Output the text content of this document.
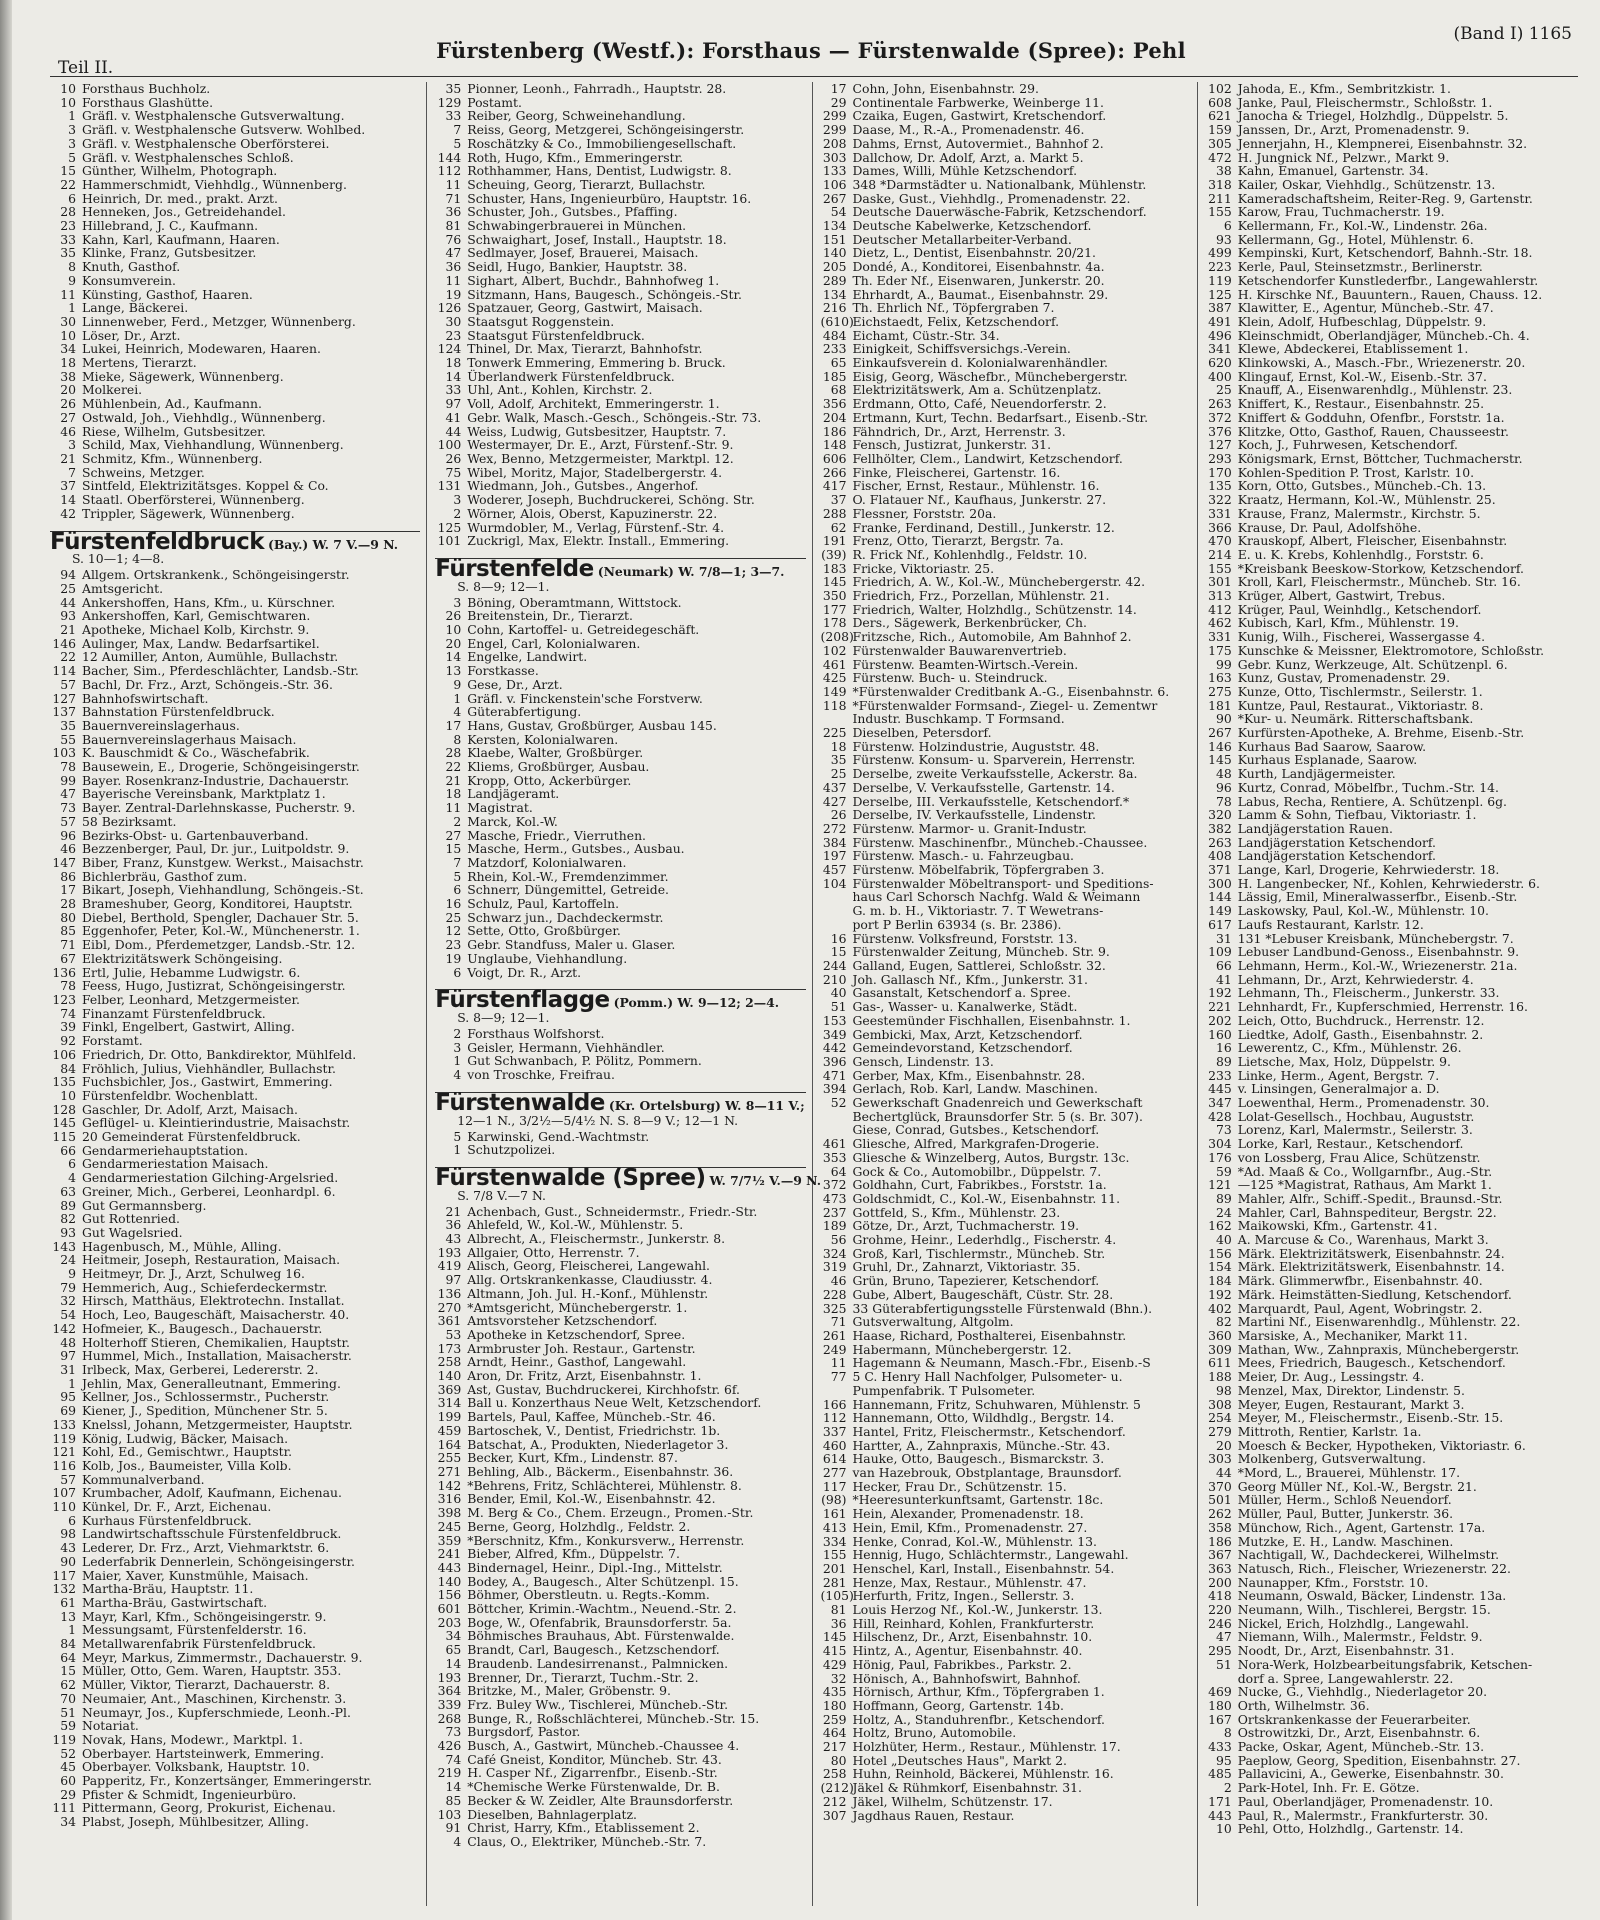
Teil II.
Fürstenberg (Westf.): Forsthaus — Fürstenwalde (Spree): Pehl
(Band I) 1165
10 Forsthaus Buchholz.
10 Forsthaus Glashütte.
1 Gräfl. v. Westphalensche Gutsverwaltung.
3 Gräfl. v. Westphalensche Gutsverw. Wohlbed.
3 Gräfl. v. Westphalensche Oberförsterei.
5 Gräfl. v. Westphalensches Schloß.
15 Günther, Wilhelm, Photograph.
22 Hammerschmidt, Viehhdlg., Wünnenberg.
6 Heinrich, Dr. med., prakt. Arzt.
28 Henneken, Jos., Getreidehandel.
23 Hillebrand, J. C., Kaufmann.
33 Kahn, Karl, Kaufmann, Haaren.
35 Klinke, Franz, Gutsbesitzer.
8 Knuth, Gasthof.
9 Konsumverein.
11 Künsting, Gasthof, Haaren.
1 Lange, Bäckerei.
30 Linnenweber, Ferd., Metzger, Wünnenberg.
10 Löser, Dr., Arzt.
34 Lukei, Heinrich, Modewaren, Haaren.
18 Mertens, Tierarzt.
38 Mieke, Sägewerk, Wünnenberg.
20 Molkerei.
26 Mühlenbein, Ad., Kaufmann.
27 Ostwald, Joh., Viehhdlg., Wünnenberg.
46 Riese, Wilhelm, Gutsbesitzer.
3 Schild, Max, Viehhandlung, Wünnenberg.
21 Schmitz, Kfm., Wünnenberg.
7 Schweins, Metzger.
37 Sintfeld, Elektrizitätsges. Koppel & Co.
14 Staatl. Oberförsterei, Wünnenberg.
42 Trippler, Sägewerk, Wünnenberg.
Fürstenfeldbruck (Bay.) W. 7 V.—9 N.
S. 10—1; 4—8.
94 Allgem. Ortskrankenk., Schöngeisingerstr.
25 Amtsgericht.
44 Ankershoffen, Hans, Kfm., u. Kürschner.
93 Ankershoffen, Karl, Gemischtwaren.
21 Apotheke, Michael Kolb, Kirchstr. 9.
146 Aulinger, Max, Landw. Bedarfsartikel.
22 12 Aumiller, Anton, Aumühle, Bullachstr.
114 Bacher, Sim., Pferdeschlächter, Landsb.-Str.
57 Bachl, Dr. Frz., Arzt, Schöngeis.-Str. 36.
127 Bahnhofswirtschaft.
137 Bahnstation Fürstenfeldbruck.
35 Bauernvereinslagerhaus.
55 Bauernvereinslagerhaus Maisach.
103 K. Bauschmidt & Co., Wäschefabrik.
78 Bausewein, E., Drogerie, Schöngeisingerstr.
99 Bayer. Rosenkranz-Industrie, Dachauerstr.
47 Bayerische Vereinsbank, Marktplatz 1.
73 Bayer. Zentral-Darlehnskasse, Pucherstr. 9.
57 58 Bezirksamt.
96 Bezirks-Obst- u. Gartenbauverband.
46 Bezzenberger, Paul, Dr. jur., Luitpoldstr. 9.
147 Biber, Franz, Kunstgew. Werkst., Maisachstr.
86 Bichlerbräu, Gasthof zum.
17 Bikart, Joseph, Viehhandlung, Schöngeis.-St.
28 Brameshuber, Georg, Konditorei, Hauptstr.
80 Diebel, Berthold, Spengler, Dachauer Str. 5.
85 Eggenhofer, Peter, Kol.-W., Münchenerstr. 1.
71 Eibl, Dom., Pferdemetzger, Landsb.-Str. 12.
67 Elektrizitätswerk Schöngeising.
136 Ertl, Julie, Hebamme Ludwigstr. 6.
78 Feess, Hugo, Justizrat, Schöngeisingerstr.
123 Felber, Leonhard, Metzgermeister.
74 Finanzamt Fürstenfeldbruck.
39 Finkl, Engelbert, Gastwirt, Alling.
92 Forstamt.
106 Friedrich, Dr. Otto, Bankdirektor, Mühlfeld.
84 Fröhlich, Julius, Viehhändler, Bullachstr.
135 Fuchsbichler, Jos., Gastwirt, Emmering.
10 Fürstenfeldbr. Wochenblatt.
128 Gaschler, Dr. Adolf, Arzt, Maisach.
145 Geflügel- u. Kleintierindustrie, Maisachstr.
115 20 Gemeinderat Fürstenfeldbruck.
66 Gendarmeriehauptstation.
6 Gendarmeriestation Maisach.
4 Gendarmeriestation Gilching-Argelsried.
63 Greiner, Mich., Gerberei, Leonhardpl. 6.
89 Gut Germannsberg.
82 Gut Rottenried.
93 Gut Wagelsried.
143 Hagenbusch, M., Mühle, Alling.
24 Heitmeir, Joseph, Restauration, Maisach.
9 Heitmeyr, Dr. J., Arzt, Schulweg 16.
79 Hemmerich, Aug., Schieferdeckermstr.
32 Hirsch, Matthäus, Elektrotechn. Installat.
54 Hoch, Leo, Baugeschäft, Maisacherstr. 40.
142 Hofmeier, K., Baugesch., Dachauerstr.
48 Holterhoff Stieren, Chemikalien, Hauptstr.
97 Hummel, Mich., Installation, Maisacherstr.
31 Irlbeck, Max, Gerberei, Ledererstr. 2.
1 Jehlin, Max, Generalleutnant, Emmering.
95 Kellner, Jos., Schlossermstr., Pucherstr.
69 Kiener, J., Spedition, Münchener Str. 5.
133 Knelssl, Johann, Metzgermeister, Hauptstr.
119 König, Ludwig, Bäcker, Maisach.
121 Kohl, Ed., Gemischtwr., Hauptstr.
116 Kolb, Jos., Baumeister, Villa Kolb.
57 Kommunalverband.
107 Krumbacher, Adolf, Kaufmann, Eichenau.
110 Künkel, Dr. F., Arzt, Eichenau.
6 Kurhaus Fürstenfeldbruck.
98 Landwirtschaftsschule Fürstenfeldbruck.
43 Lederer, Dr. Frz., Arzt, Viehmarktstr. 6.
90 Lederfabrik Dennerlein, Schöngeisingerstr.
117 Maier, Xaver, Kunstmühle, Maisach.
132 Martha-Bräu, Hauptstr. 11.
61 Martha-Bräu, Gastwirtschaft.
13 Mayr, Karl, Kfm., Schöngeisingerstr. 9.
1 Messungsamt, Fürstenfelderstr. 16.
84 Metallwarenfabrik Fürstenfeldbruck.
64 Meyr, Markus, Zimmermstr., Dachauerstr. 9.
15 Müller, Otto, Gem. Waren, Hauptstr. 353.
62 Müller, Viktor, Tierarzt, Dachauerstr. 8.
70 Neumaier, Ant., Maschinen, Kirchenstr. 3.
51 Neumayr, Jos., Kupferschmiede, Leonh.-Pl.
59 Notariat.
119 Novak, Hans, Modewr., Marktpl. 1.
52 Oberbayer. Hartsteinwerk, Emmering.
45 Oberbayer. Volksbank, Hauptstr. 10.
60 Papperitz, Fr., Konzertsänger, Emmeringerstr.
29 Pfister & Schmidt, Ingenieurbüro.
111 Pittermann, Georg, Prokurist, Eichenau.
34 Plabst, Joseph, Mühlbesitzer, Alling.
35 Pionner, Leonh., Fahrradh., Hauptstr. 28.
129 Postamt.
33 Reiber, Georg, Schweinehandlung.
7 Reiss, Georg, Metzgerei, Schöngeisingerstr.
5 Roschätzky & Co., Immobiliengesellschaft.
144 Roth, Hugo, Kfm., Emmeringerstr.
112 Rothhammer, Hans, Dentist, Ludwigstr. 8.
11 Scheuing, Georg, Tierarzt, Bullachstr.
71 Schuster, Hans, Ingenieurbüro, Hauptstr. 16.
36 Schuster, Joh., Gutsbes., Pfaffing.
81 Schwabingerbrauerei in München.
76 Schwaighart, Josef, Install., Hauptstr. 18.
47 Sedlmayer, Josef, Brauerei, Maisach.
36 Seidl, Hugo, Bankier, Hauptstr. 38.
11 Sighart, Albert, Buchdr., Bahnhofweg 1.
19 Sitzmann, Hans, Baugesch., Schöngeis.-Str.
126 Spatzauer, Georg, Gastwirt, Maisach.
30 Staatsgut Roggenstein.
23 Staatsgut Fürstenfeldbruck.
124 Thinel, Dr. Max, Tierarzt, Bahnhofstr.
18 Tonwerk Emmering, Emmering b. Bruck.
14 Überlandwerk Fürstenfeldbruck.
33 Uhl, Ant., Kohlen, Kirchstr. 2.
97 Voll, Adolf, Architekt, Emmeringerstr. 1.
41 Gebr. Walk, Masch.-Gesch., Schöngeis.-Str. 73.
44 Weiss, Ludwig, Gutsbesitzer, Hauptstr. 7.
100 Westermayer, Dr. E., Arzt, Fürstenf.-Str. 9.
26 Wex, Benno, Metzgermeister, Marktpl. 12.
75 Wibel, Moritz, Major, Stadelbergerstr. 4.
131 Wiedmann, Joh., Gutsbes., Angerhof.
3 Woderer, Joseph, Buchdruckerei, Schöng. Str.
2 Wörner, Alois, Oberst, Kapuzinerstr. 22.
125 Wurmdobler, M., Verlag, Fürstenf.-Str. 4.
101 Zuckrigl, Max, Elektr. Install., Emmering.
Fürstenfelde (Neumark) W. 7/8—1; 3—7.
S. 8—9; 12—1.
3 Böning, Oberamtmann, Wittstock.
26 Breitenstein, Dr., Tierarzt.
10 Cohn, Kartoffel- u. Getreidegeschäft.
20 Engel, Carl, Kolonialwaren.
14 Engelke, Landwirt.
13 Forstkasse.
9 Gese, Dr., Arzt.
1 Gräfl. v. Finckenstein'sche Forstverw.
4 Güterabfertigung.
17 Hans, Gustav, Großbürger, Ausbau 145.
8 Kersten, Kolonialwaren.
28 Klaebe, Walter, Großbürger.
22 Kliems, Großbürger, Ausbau.
21 Kropp, Otto, Ackerbürger.
18 Landjägeramt.
11 Magistrat.
2 Marck, Kol.-W.
27 Masche, Friedr., Vierruthen.
15 Masche, Herm., Gutsbes., Ausbau.
7 Matzdorf, Kolonialwaren.
5 Rhein, Kol.-W., Fremdenzimmer.
6 Schnerr, Düngemittel, Getreide.
16 Schulz, Paul, Kartoffeln.
25 Schwarz jun., Dachdeckermstr.
12 Sette, Otto, Großbürger.
23 Gebr. Standfuss, Maler u. Glaser.
19 Unglaube, Viehhandlung.
6 Voigt, Dr. R., Arzt.
Fürstenflagge (Pomm.) W. 9—12; 2—4.
S. 8—9; 12—1.
2 Forsthaus Wolfshorst.
3 Geisler, Hermann, Viehhändler.
1 Gut Schwanbach, P. Pölitz, Pommern.
4 von Troschke, Freifrau.
Fürstenwalde (Kr. Ortelsburg) W. 8—11 V.;
12—1 N., 3/2½—5/4½ N. S. 8—9 V.; 12—1 N.
5 Karwinski, Gend.-Wachtmstr.
1 Schutzpolizei.
Fürstenwalde (Spree) W. 7/7½ V.—9 N.
S. 7/8 V.—7 N.
21 Achenbach, Gust., Schneidermstr., Friedr.-Str.
36 Ahlefeld, W., Kol.-W., Mühlenstr. 5.
43 Albrecht, A., Fleischermstr., Junkerstr. 8.
193 Allgaier, Otto, Herrenstr. 7.
419 Alisch, Georg, Fleischerei, Langewahl.
97 Allg. Ortskrankenkasse, Claudiusstr. 4.
136 Altmann, Joh. Jul. H.-Konf., Mühlenstr.
270 *Amtsgericht, Münchebergerstr. 1.
361 Amtsvorsteher Ketzschendorf.
53 Apotheke in Ketzschendorf, Spree.
173 Armbruster Joh. Restaur., Gartenstr.
258 Arndt, Heinr., Gasthof, Langewahl.
140 Aron, Dr. Fritz, Arzt, Eisenbahnstr. 1.
369 Ast, Gustav, Buchdruckerei, Kirchhofstr. 6f.
314 Ball u. Konzerthaus Neue Welt, Ketzschendorf.
199 Bartels, Paul, Kaffee, Müncheb.-Str. 46.
459 Bartoschek, V., Dentist, Friedrichstr. 1b.
164 Batschat, A., Produkten, Niederlagetor 3.
255 Becker, Kurt, Kfm., Lindenstr. 87.
271 Behling, Alb., Bäckerm., Eisenbahnstr. 36.
142 *Behrens, Fritz, Schlächterei, Mühlenstr. 8.
316 Bender, Emil, Kol.-W., Eisenbahnstr. 42.
398 M. Berg & Co., Chem. Erzeugn., Promen.-Str.
245 Berne, Georg, Holzhdlg., Feldstr. 2.
359 *Berschnitz, Kfm., Konkursverw., Herrenstr.
241 Bieber, Alfred, Kfm., Düppelstr. 7.
443 Bindernagel, Heinr., Dipl.-Ing., Mittelstr.
140 Bodey, A., Baugesch., Alter Schützenpl. 15.
156 Böhmer, Oberstleutn. u. Regts.-Komm.
601 Böttcher, Krimin.-Wachtm., Neuend.-Str. 2.
203 Boge, W., Ofenfabrik, Braunsdorferstr. 5a.
34 Böhmisches Brauhaus, Abt. Fürstenwalde.
65 Brandt, Carl, Baugesch., Ketzschendorf.
14 Braudenb. Landesirrenanst., Palmnicken.
193 Brenner, Dr., Tierarzt, Tuchm.-Str. 2.
364 Britzke, M., Maler, Gröbenstr. 9.
339 Frz. Buley Ww., Tischlerei, Müncheb.-Str.
268 Bunge, R., Roßschlächterei, Müncheb.-Str. 15.
73 Burgsdorf, Pastor.
426 Busch, A., Gastwirt, Müncheb.-Chaussee 4.
74 Café Gneist, Konditor, Müncheb. Str. 43.
219 H. Casper Nf., Zigarrenfbr., Eisenb.-Str.
14 *Chemische Werke Fürstenwalde, Dr. B.
85 Becker & W. Zeidler, Alte Braunsdorferstr.
103 Dieselben, Bahnlagerplatz.
91 Christ, Harry, Kfm., Etablissement 2.
4 Claus, O., Elektriker, Müncheb.-Str. 7.
17 Cohn, John, Eisenbahnstr. 29.
29 Continentale Farbwerke, Weinberge 11.
299 Czaika, Eugen, Gastwirt, Kretschendorf.
299 Daase, M., R.-A., Promenadenstr. 46.
208 Dahms, Ernst, Autovermiet., Bahnhof 2.
303 Dallchow, Dr. Adolf, Arzt, a. Markt 5.
133 Dames, Willi, Mühle Ketzschendorf.
106 348 *Darmstädter u. Nationalbank, Mühlenstr.
267 Daske, Gust., Viehhdlg., Promenadenstr. 22.
54 Deutsche Dauerwäsche-Fabrik, Ketzschendorf.
134 Deutsche Kabelwerke, Ketzschendorf.
151 Deutscher Metallarbeiter-Verband.
140 Dietz, L., Dentist, Eisenbahnstr. 20/21.
205 Dondé, A., Konditorei, Eisenbahnstr. 4a.
289 Th. Eder Nf., Eisenwaren, Junkerstr. 20.
134 Ehrhardt, A., Baumat., Eisenbahnstr. 29.
216 Th. Ehrlich Nf., Töpfergraben 7.
(610)Eichstaedt, Felix, Ketzschendorf.
484 Eichamt, Cüstr.-Str. 34.
233 Einigkeit, Schiffsversichgs.-Verein.
65 Einkaufsverein d. Kolonialwarenhändler.
185 Eisig, Georg, Wäschefbr., Münchebergerstr.
68 Elektrizitätswerk, Am a. Schützenplatz.
356 Erdmann, Otto, Café, Neuendorferstr. 2.
204 Ertmann, Kurt, Techn. Bedarfsart., Eisenb.-Str.
186 Fähndrich, Dr., Arzt, Herrenstr. 3.
148 Fensch, Justizrat, Junkerstr. 31.
606 Fellhölter, Clem., Landwirt, Ketzschendorf.
266 Finke, Fleischerei, Gartenstr. 16.
417 Fischer, Ernst, Restaur., Mühlenstr. 16.
37 O. Flatauer Nf., Kaufhaus, Junkerstr. 27.
288 Flessner, Forststr. 20a.
62 Franke, Ferdinand, Destill., Junkerstr. 12.
191 Frenz, Otto, Tierarzt, Bergstr. 7a.
(39) R. Frick Nf., Kohlenhdlg., Feldstr. 10.
183 Fricke, Viktoriastr. 25.
145 Friedrich, A. W., Kol.-W., Münchebergerstr. 42.
350 Friedrich, Frz., Porzellan, Mühlenstr. 21.
177 Friedrich, Walter, Holzhdlg., Schützenstr. 14.
178 Ders., Sägewerk, Berkenbrücker, Ch.
(208)Fritzsche, Rich., Automobile, Am Bahnhof 2.
102 Fürstenwalder Bauwarenvertrieb.
461 Fürstenw. Beamten-Wirtsch.-Verein.
425 Fürstenw. Buch- u. Steindruck.
149 *Fürstenwalder Creditbank A.-G., Eisenbahnstr. 6.
118 *Fürstenwalder Formsand-, Ziegel- u. Zementwr
Industr. Buschkamp. T Formsand.
225 Dieselben, Petersdorf.
18 Fürstenw. Holzindustrie, Auguststr. 48.
35 Fürstenw. Konsum- u. Sparverein, Herrenstr.
25 Derselbe, zweite Verkaufsstelle, Ackerstr. 8a.
437 Derselbe, V. Verkaufsstelle, Gartenstr. 14.
427 Derselbe, III. Verkaufsstelle, Ketschendorf.*
26 Derselbe, IV. Verkaufsstelle, Lindenstr.
272 Fürstenw. Marmor- u. Granit-Industr.
384 Fürstenw. Maschinenfbr., Müncheb.-Chaussee.
197 Fürstenw. Masch.- u. Fahrzeugbau.
457 Fürstenw. Möbelfabrik, Töpfergraben 3.
104 Fürstenwalder Möbeltransport- und Speditions-
haus Carl Schorsch Nachfg. Wald & Weimann
G. m. b. H., Viktoriastr. 7. T Wewetrans-
port P Berlin 63934 (s. Br. 2386).
16 Fürstenw. Volksfreund, Forststr. 13.
15 Fürstenwalder Zeitung, Müncheb. Str. 9.
244 Galland, Eugen, Sattlerei, Schloßstr. 32.
210 Joh. Gallasch Nf., Kfm., Junkerstr. 31.
40 Gasanstalt, Ketschendorf a. Spree.
51 Gas-, Wasser- u. Kanalwerke, Städt.
153 Geestemünder Fischhallen, Eisenbahnstr. 1.
349 Gembicki, Max, Arzt, Ketzschendorf.
442 Gemeindevorstand, Ketzschendorf.
396 Gensch, Lindenstr. 13.
471 Gerber, Max, Kfm., Eisenbahnstr. 28.
394 Gerlach, Rob. Karl, Landw. Maschinen.
52 Gewerkschaft Gnadenreich und Gewerkschaft
Bechertglück, Braunsdorfer Str. 5 (s. Br. 307).
Giese, Conrad, Gutsbes., Ketschendorf.
461 Gliesche, Alfred, Markgrafen-Drogerie.
353 Gliesche & Winzelberg, Autos, Burgstr. 13c.
64 Gock & Co., Automobilbr., Düppelstr. 7.
372 Goldhahn, Curt, Fabrikbes., Forststr. 1a.
473 Goldschmidt, C., Kol.-W., Eisenbahnstr. 11.
237 Gottfeld, S., Kfm., Mühlenstr. 23.
189 Götze, Dr., Arzt, Tuchmacherstr. 19.
56 Grohme, Heinr., Lederhdlg., Fischerstr. 4.
324 Groß, Karl, Tischlermstr., Müncheb. Str.
319 Gruhl, Dr., Zahnarzt, Viktoriastr. 35.
46 Grün, Bruno, Tapezierer, Ketschendorf.
228 Gube, Albert, Baugeschäft, Cüstr. Str. 28.
325 33 Güterabfertigungsstelle Fürstenwald (Bhn.).
71 Gutsverwaltung, Altgolm.
261 Haase, Richard, Posthalterei, Eisenbahnstr.
249 Habermann, Münchebergerstr. 12.
11 Hagemann & Neumann, Masch.-Fbr., Eisenb.-S
77 5 C. Henry Hall Nachfolger, Pulsometer- u.
Pumpenfabrik. T Pulsometer.
166 Hannemann, Fritz, Schuhwaren, Mühlenstr. 5
112 Hannemann, Otto, Wildhdlg., Bergstr. 14.
337 Hantel, Fritz, Fleischermstr., Ketschendorf.
460 Hartter, A., Zahnpraxis, Münche.-Str. 43.
614 Hauke, Otto, Baugesch., Bismarckstr. 3.
277 van Hazebrouk, Obstplantage, Braunsdorf.
117 Hecker, Frau Dr., Schützenstr. 15.
(98) *Heeresunterkunftsamt, Gartenstr. 18c.
161 Hein, Alexander, Promenadenstr. 18.
413 Hein, Emil, Kfm., Promenadenstr. 27.
334 Henke, Conrad, Kol.-W., Mühlenstr. 13.
155 Hennig, Hugo, Schlächtermstr., Langewahl.
201 Henschel, Karl, Install., Eisenbahnstr. 54.
281 Henze, Max, Restaur., Mühlenstr. 47.
(105)Herfurth, Fritz, Ingen., Sellerstr. 3.
81 Louis Herzog Nf., Kol.-W., Junkerstr. 13.
36 Hill, Reinhard, Kohlen, Frankfurterstr.
145 Hilschenz, Dr., Arzt, Eisenbahnstr. 10.
415 Hintz, A., Agentur, Eisenbahnstr. 40.
429 Hönig, Paul, Fabrikbes., Parkstr. 2.
32 Hönisch, A., Bahnhofswirt, Bahnhof.
435 Hörnisch, Arthur, Kfm., Töpfergraben 1.
180 Hoffmann, Georg, Gartenstr. 14b.
259 Holtz, A., Standuhrenfbr., Ketschendorf.
464 Holtz, Bruno, Automobile.
217 Holzhüter, Herm., Restaur., Mühlenstr. 17.
80 Hotel „Deutsches Haus", Markt 2.
258 Huhn, Reinhold, Bäckerei, Mühlenstr. 16.
(212)Jäkel & Rühmkorf, Eisenbahnstr. 31.
212 Jäkel, Wilhelm, Schützenstr. 17.
307 Jagdhaus Rauen, Restaur.
102 Jahoda, E., Kfm., Sembritzkistr. 1.
608 Janke, Paul, Fleischermstr., Schloßstr. 1.
621 Janocha & Triegel, Holzhdlg., Düppelstr. 5.
159 Janssen, Dr., Arzt, Promenadenstr. 9.
305 Jennerjahn, H., Klempnerei, Eisenbahnstr. 32.
472 H. Jungnick Nf., Pelzwr., Markt 9.
38 Kahn, Emanuel, Gartenstr. 34.
318 Kailer, Oskar, Viehhdlg., Schützenstr. 13.
211 Kameradschaftsheim, Reiter-Reg. 9, Gartenstr.
155 Karow, Frau, Tuchmacherstr. 19.
6 Kellermann, Fr., Kol.-W., Lindenstr. 26a.
93 Kellermann, Gg., Hotel, Mühlenstr. 6.
499 Kempinski, Kurt, Ketschendorf, Bahnh.-Str. 18.
223 Kerle, Paul, Steinsetzmstr., Berlinerstr.
119 Ketschendorfer Kunstlederfbr., Langewahlerstr.
125 H. Kirschke Nf., Bauuntern., Rauen, Chauss. 12.
387 Klawitter, E., Agentur, Müncheb.-Str. 47.
491 Klein, Adolf, Hufbeschlag, Düppelstr. 9.
496 Kleinschmidt, Oberlandjäger, Müncheb.-Ch. 4.
341 Klewe, Abdeckerei, Etablissement 1.
620 Klinkowski, A., Masch.-Fbr., Wriezenerstr. 20.
400 Klingauf, Ernst, Kol.-W., Eisenb.-Str. 37.
25 Knauff, A., Eisenwarenhdlg., Mühlenstr. 23.
263 Kniffert, K., Restaur., Eisenbahnstr. 25.
372 Kniffert & Godduhn, Ofenfbr., Forststr. 1a.
376 Klitzke, Otto, Gasthof, Rauen, Chausseestr.
127 Koch, J., Fuhrwesen, Ketschendorf.
293 Königsmark, Ernst, Böttcher, Tuchmacherstr.
170 Kohlen-Spedition P. Trost, Karlstr. 10.
135 Korn, Otto, Gutsbes., Müncheb.-Ch. 13.
322 Kraatz, Hermann, Kol.-W., Mühlenstr. 25.
331 Krause, Franz, Malermstr., Kirchstr. 5.
366 Krause, Dr. Paul, Adolfshöhe.
470 Krauskopf, Albert, Fleischer, Eisenbahnstr.
214 E. u. K. Krebs, Kohlenhdlg., Forststr. 6.
155 *Kreisbank Beeskow-Storkow, Ketzschendorf.
301 Kroll, Karl, Fleischermstr., Müncheb. Str. 16.
313 Krüger, Albert, Gastwirt, Trebus.
412 Krüger, Paul, Weinhdlg., Ketschendorf.
462 Kubisch, Karl, Kfm., Mühlenstr. 19.
331 Kunig, Wilh., Fischerei, Wassergasse 4.
175 Kunschke & Meissner, Elektromotore, Schloßstr.
99 Gebr. Kunz, Werkzeuge, Alt. Schützenpl. 6.
163 Kunz, Gustav, Promenadenstr. 29.
275 Kunze, Otto, Tischlermstr., Seilerstr. 1.
181 Kuntze, Paul, Restaurat., Viktoriastr. 8.
90 *Kur- u. Neumärk. Ritterschaftsbank.
267 Kurfürsten-Apotheke, A. Brehme, Eisenb.-Str.
146 Kurhaus Bad Saarow, Saarow.
145 Kurhaus Esplanade, Saarow.
48 Kurth, Landjägermeister.
96 Kurtz, Conrad, Möbelfbr., Tuchm.-Str. 14.
78 Labus, Recha, Rentiere, A. Schützenpl. 6g.
320 Lamm & Sohn, Tiefbau, Viktoriastr. 1.
382 Landjägerstation Rauen.
263 Landjägerstation Ketschendorf.
408 Landjägerstation Ketschendorf.
371 Lange, Karl, Drogerie, Kehrwiederstr. 18.
300 H. Langenbecker, Nf., Kohlen, Kehrwiederstr. 6.
144 Lässig, Emil, Mineralwasserfbr., Eisenb.-Str.
149 Laskowsky, Paul, Kol.-W., Mühlenstr. 10.
617 Laufs Restaurant, Karlstr. 12.
31 131 *Lebuser Kreisbank, Münchebergstr. 7.
109 Lebuser Landbund-Genoss., Eisenbahnstr. 9.
66 Lehmann, Herm., Kol.-W., Wriezenerstr. 21a.
41 Lehmann, Dr., Arzt, Kehrwiederstr. 4.
192 Lehmann, Th., Fleischerm., Junkerstr. 33.
221 Lehnhardt, Fr., Kupferschmied, Herrenstr. 16.
202 Leich, Otto, Buchdruck., Herrenstr. 12.
160 Liedtke, Adolf, Gasth., Eisenbahnstr. 2.
16 Lewerentz, C., Kfm., Mühlenstr. 26.
89 Lietsche, Max, Holz, Düppelstr. 9.
233 Linke, Herm., Agent, Bergstr. 7.
445 v. Linsingen, Generalmajor a. D.
347 Loewenthal, Herm., Promenadenstr. 30.
428 Lolat-Gesellsch., Hochbau, Auguststr.
73 Lorenz, Karl, Malermstr., Seilerstr. 3.
304 Lorke, Karl, Restaur., Ketschendorf.
176 von Lossberg, Frau Alice, Schützenstr.
59 *Ad. Maaß & Co., Wollgarnfbr., Aug.-Str.
121 —125 *Magistrat, Rathaus, Am Markt 1.
89 Mahler, Alfr., Schiff.-Spedit., Braunsd.-Str.
24 Mahler, Carl, Bahnspediteur, Bergstr. 22.
162 Maikowski, Kfm., Gartenstr. 41.
40 A. Marcuse & Co., Warenhaus, Markt 3.
156 Märk. Elektrizitätswerk, Eisenbahnstr. 24.
154 Märk. Elektrizitätswerk, Eisenbahnstr. 14.
184 Märk. Glimmerwfbr., Eisenbahnstr. 40.
192 Märk. Heimstätten-Siedlung, Ketschendorf.
402 Marquardt, Paul, Agent, Wobringstr. 2.
82 Martini Nf., Eisenwarenhdlg., Mühlenstr. 22.
360 Marsiske, A., Mechaniker, Markt 11.
309 Mathan, Ww., Zahnpraxis, Münchebergerstr.
611 Mees, Friedrich, Baugesch., Ketschendorf.
188 Meier, Dr. Aug., Lessingstr. 4.
98 Menzel, Max, Direktor, Lindenstr. 5.
308 Meyer, Eugen, Restaurant, Markt 3.
254 Meyer, M., Fleischermstr., Eisenb.-Str. 15.
279 Mittroth, Rentier, Karlstr. 1a.
20 Moesch & Becker, Hypotheken, Viktoriastr. 6.
303 Molkenberg, Gutsverwaltung.
44 *Mord, L., Brauerei, Mühlenstr. 17.
370 Georg Müller Nf., Kol.-W., Bergstr. 21.
501 Müller, Herm., Schloß Neuendorf.
262 Müller, Paul, Butter, Junkerstr. 36.
358 Münchow, Rich., Agent, Gartenstr. 17a.
186 Mutzke, E. H., Landw. Maschinen.
367 Nachtigall, W., Dachdeckerei, Wilhelmstr.
363 Natusch, Rich., Fleischer, Wriezenerstr. 22.
200 Naunapper, Kfm., Forststr. 10.
418 Neumann, Oswald, Bäcker, Lindenstr. 13a.
220 Neumann, Wilh., Tischlerei, Bergstr. 15.
246 Nickel, Erich, Holzhdlg., Langewahl.
47 Niemann, Wilh., Malermstr., Feldstr. 9.
295 Noodt, Dr., Arzt, Eisenbahnstr. 31.
51 Nora-Werk, Holzbearbeitungsfabrik, Ketschen-
dorf a. Spree, Langewahlerstr. 22.
469 Nucke, G., Viehhdlg., Niederlagetor 20.
180 Orth, Wilhelmstr. 36.
167 Ortskrankenkasse der Feuerarbeiter.
8 Ostrowitzki, Dr., Arzt, Eisenbahnstr. 6.
433 Packe, Oskar, Agent, Müncheb.-Str. 13.
95 Paeplow, Georg, Spedition, Eisenbahnstr. 27.
485 Pallavicini, A., Gewerke, Eisenbahnstr. 30.
2 Park-Hotel, Inh. Fr. E. Götze.
171 Paul, Oberlandjäger, Promenadenstr. 10.
443 Paul, R., Malermstr., Frankfurterstr. 30.
10 Pehl, Otto, Holzhdlg., Gartenstr. 14.
